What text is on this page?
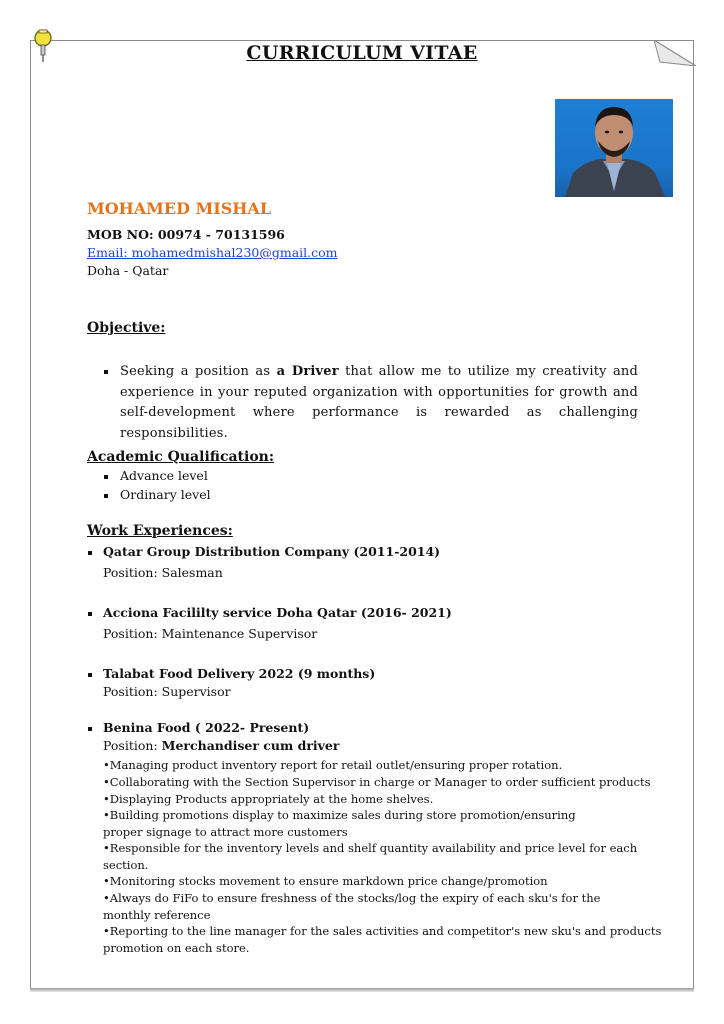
CURRICULUM VITAE
MOHAMED MISHAL
MOB NO: 00974 - 70131596
Email: mohamedmishal230@gmail.com
Doha - Qatar
Objective:
Seeking a position as a Driver that allow me to utilize my creativity and experience in your reputed organization with opportunities for growth and self-development where performance is rewarded as challenging responsibilities.
Academic Qualification:
Advance level
Ordinary level
Work Experiences:
Qatar Group Distribution Company (2011-2014)
Position: Salesman
Acciona Facililty service Doha Qatar (2016- 2021)
Position: Maintenance Supervisor
Talabat Food Delivery 2022 (9 months)
Position: Supervisor
Benina Food ( 2022- Present)
Position: Merchandiser cum driver
•Managing product inventory report for retail outlet/ensuring proper rotation.
•Collaborating with the Section Supervisor in charge or Manager to order sufficient products
•Displaying Products appropriately at the home shelves.
•Building promotions display to maximize sales during store promotion/ensuring proper signage to attract more customers
•Responsible for the inventory levels and shelf quantity availability and price level for each section.
•Monitoring stocks movement to ensure markdown price change/promotion
•Always do FiFo to ensure freshness of the stocks/log the expiry of each sku's for the monthly reference
•Reporting to the line manager for the sales activities and competitor's new sku's and products promotion on each store.
